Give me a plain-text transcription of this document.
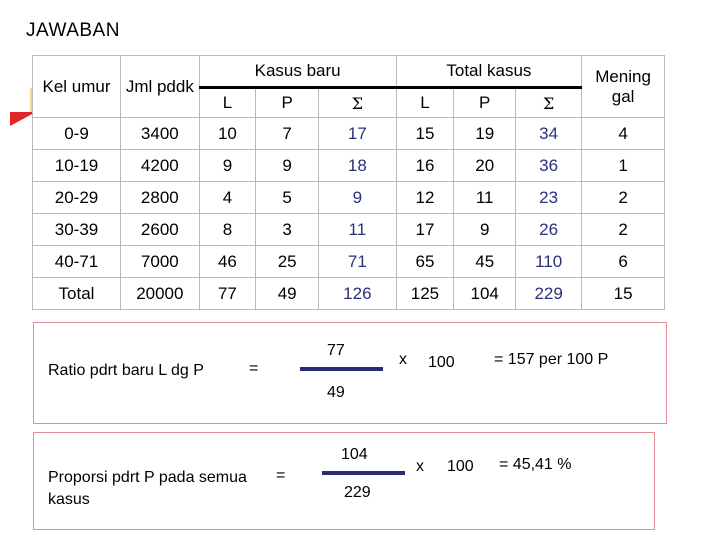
JAWABAN
Kel umur	Jml pddk	Kasus baru			Total kasus			Mening gal
		L	P	Σ	L	P	Σ	
0-9	3400	10	7	17	15	19	34	4
10-19	4200	9	9	18	16	20	36	1
20-29	2800	4	5	9	12	11	23	2
30-39	2600	8	3	11	17	9	26	2
40-71	7000	46	25	71	65	45	110	6
Total	20000	77	49	126	125	104	229	15
Ratio pdrt baru L dg P	=
77
49
x 100 = 157 per 100 P
Proporsi pdrt P pada semua kasus
=
104
229
x 100 = 45,41 %
